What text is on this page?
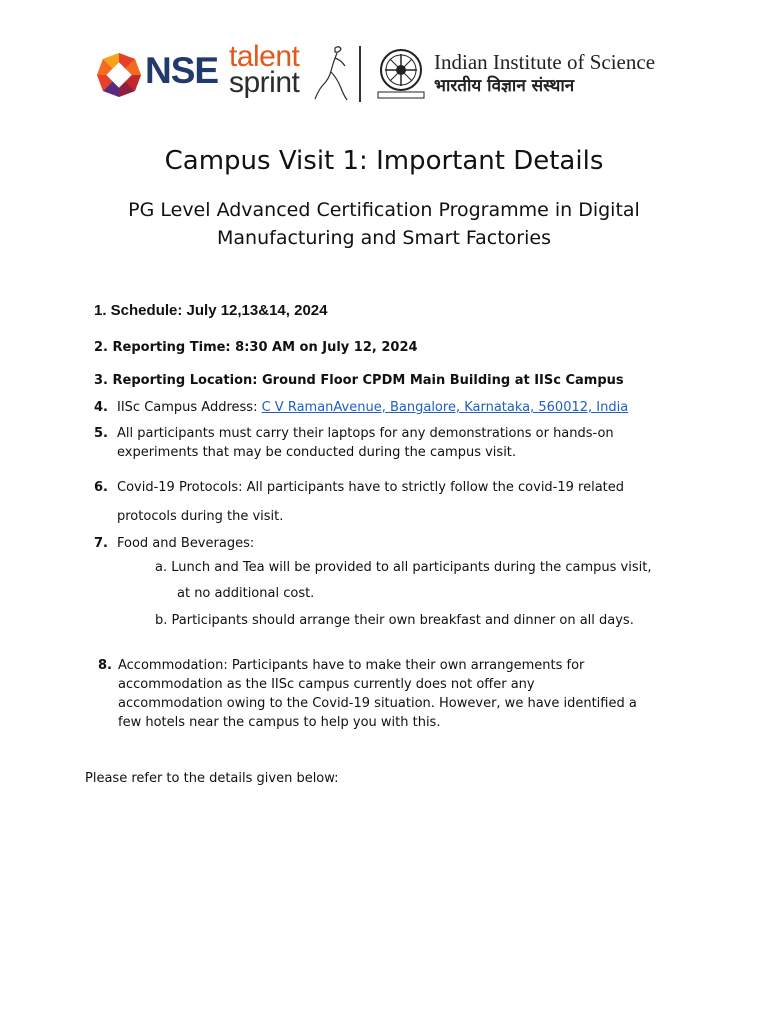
NSE talent
sprint
Indian Institute of Science
भारतीय विज्ञान संस्थान
Campus Visit 1: Important Details
PG Level Advanced Certification Programme in Digital Manufacturing and Smart Factories
1. Schedule: July 12,13&14, 2024
2. Reporting Time: 8:30 AM on July 12, 2024
3. Reporting Location: Ground Floor CPDM Main Building at IISc Campus
4. IISc Campus Address: C V RamanAvenue, Bangalore, Karnataka, 560012, India
5. All participants must carry their laptops for any demonstrations or hands-on experiments that may be conducted during the campus visit.
6. Covid-19 Protocols: All participants have to strictly follow the covid-19 related
protocols during the visit.
7. Food and Beverages:
a. Lunch and Tea will be provided to all participants during the campus visit,
at no additional cost.
b. Participants should arrange their own breakfast and dinner on all days.
8. Accommodation: Participants have to make their own arrangements for accommodation as the IISc campus currently does not offer any accommodation owing to the Covid-19 situation. However, we have identified a few hotels near the campus to help you with this.
Please refer to the details given below:
